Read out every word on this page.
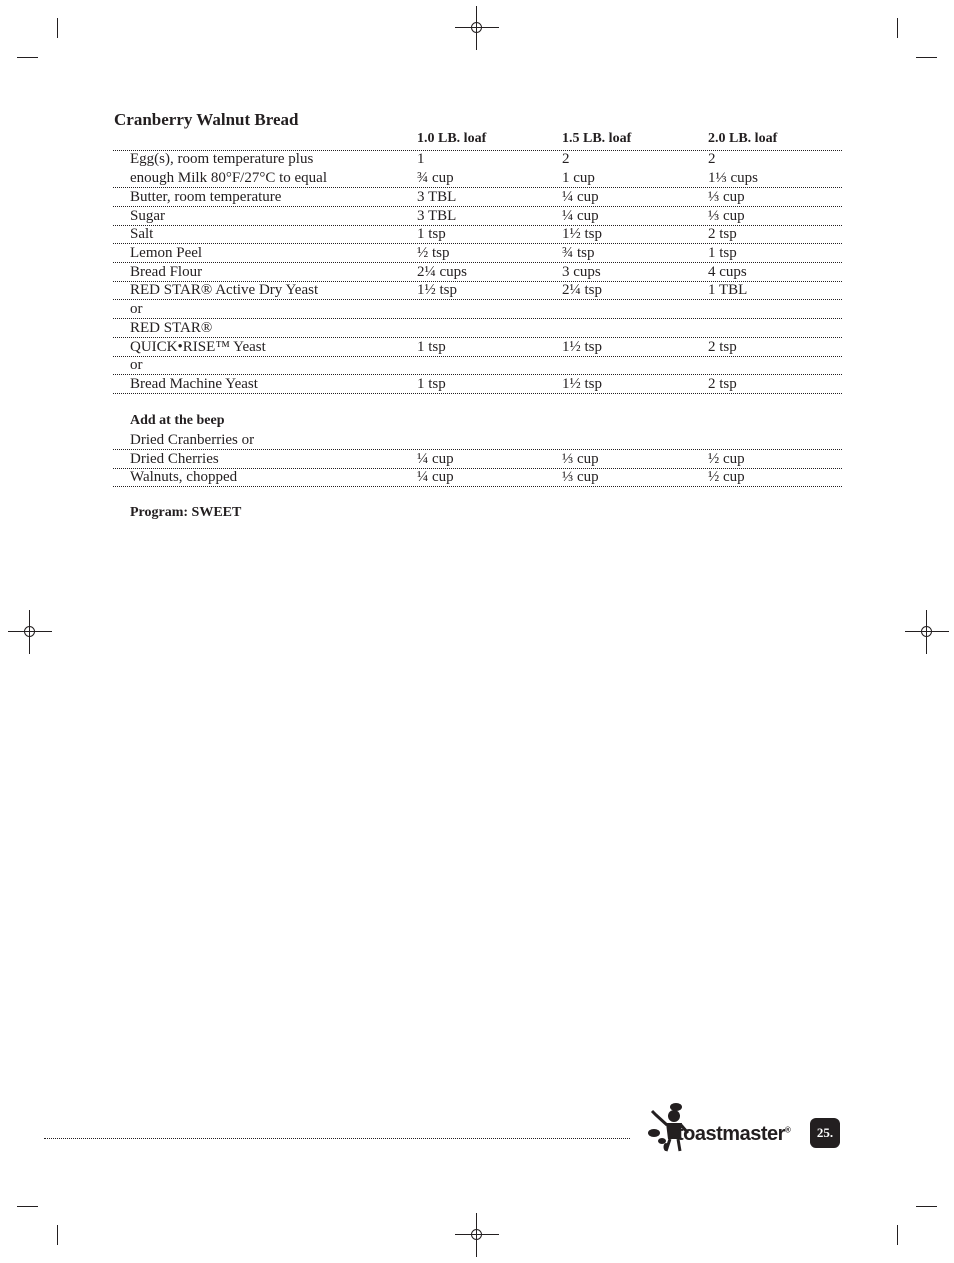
Cranberry Walnut Bread
1.0 LB. loaf	1.5 LB. loaf	2.0 LB. loaf
Egg(s), room temperature plus	1	2	2
enough Milk 80°F/27°C to equal	¾ cup	1 cup	1⅓ cups
Butter, room temperature	3 TBL	¼ cup	⅓ cup
Sugar	3 TBL	¼ cup	⅓ cup
Salt	1 tsp	1½ tsp	2 tsp
Lemon Peel	½ tsp	¾ tsp	1 tsp
Bread Flour	2¼ cups	3 cups	4 cups
RED STAR® Active Dry Yeast	1½ tsp	2¼ tsp	1 TBL
or
RED STAR®
QUICK•RISE™ Yeast	1 tsp	1½ tsp	2 tsp
or
Bread Machine Yeast	1 tsp	1½ tsp	2 tsp
Add at the beep
Dried Cranberries or
Dried Cherries	¼ cup	⅓ cup	½ cup
Walnuts, chopped	¼ cup	⅓ cup	½ cup
Program: SWEET
toastmaster®	25.
